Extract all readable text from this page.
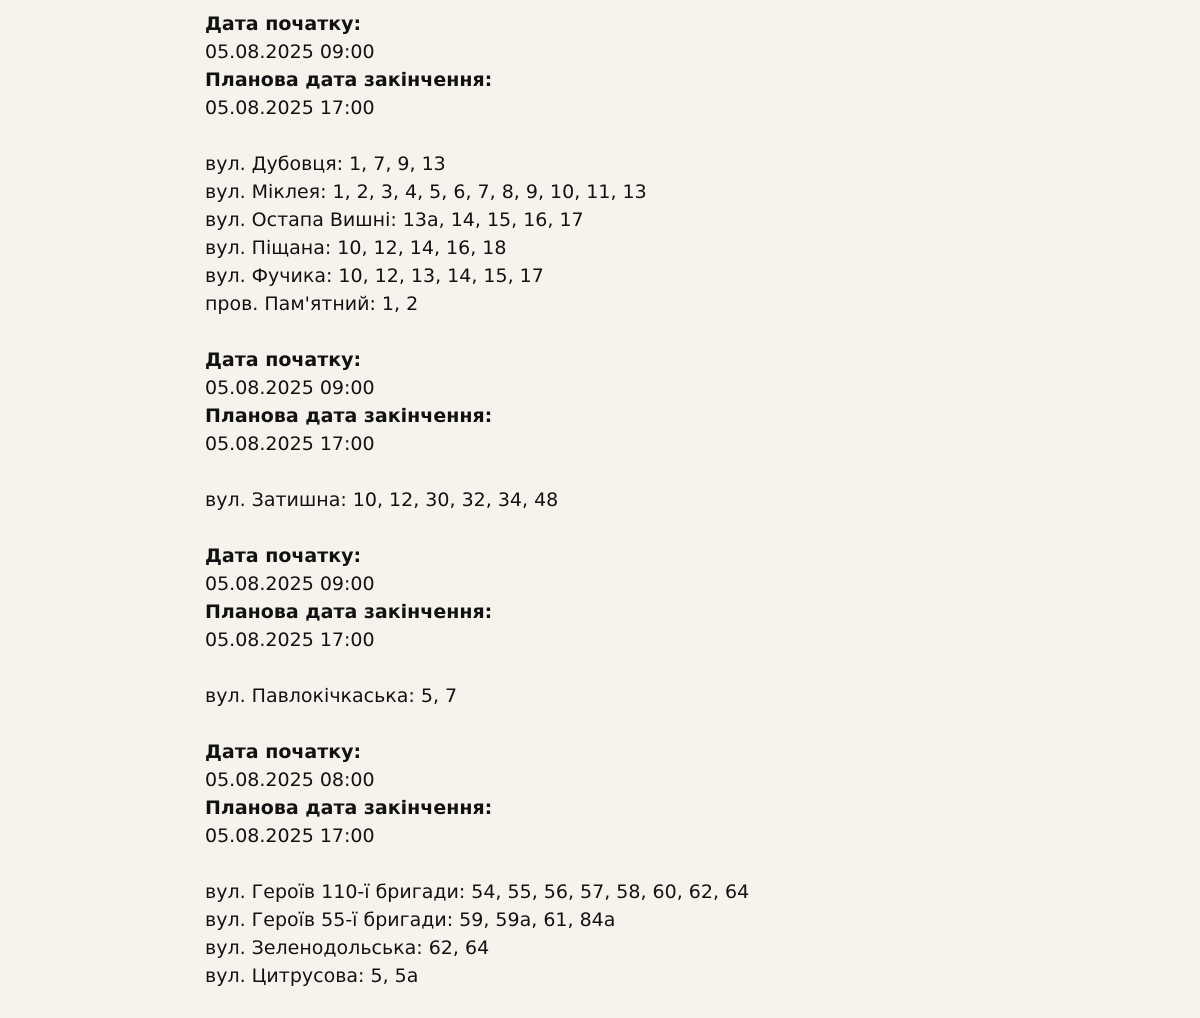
Дата початку:
05.08.2025 09:00
Планова дата закінчення:
05.08.2025 17:00
вул. Дубовця: 1, 7, 9, 13
вул. Міклея: 1, 2, 3, 4, 5, 6, 7, 8, 9, 10, 11, 13
вул. Остапа Вишні: 13а, 14, 15, 16, 17
вул. Піщана: 10, 12, 14, 16, 18
вул. Фучика: 10, 12, 13, 14, 15, 17
пров. Пам'ятний: 1, 2
Дата початку:
05.08.2025 09:00
Планова дата закінчення:
05.08.2025 17:00
вул. Затишна: 10, 12, 30, 32, 34, 48
Дата початку:
05.08.2025 09:00
Планова дата закінчення:
05.08.2025 17:00
вул. Павлокічкаська: 5, 7
Дата початку:
05.08.2025 08:00
Планова дата закінчення:
05.08.2025 17:00
вул. Героїв 110-ї бригади: 54, 55, 56, 57, 58, 60, 62, 64
вул. Героїв 55-ї бригади: 59, 59а, 61, 84а
вул. Зеленодольська: 62, 64
вул. Цитрусова: 5, 5а
